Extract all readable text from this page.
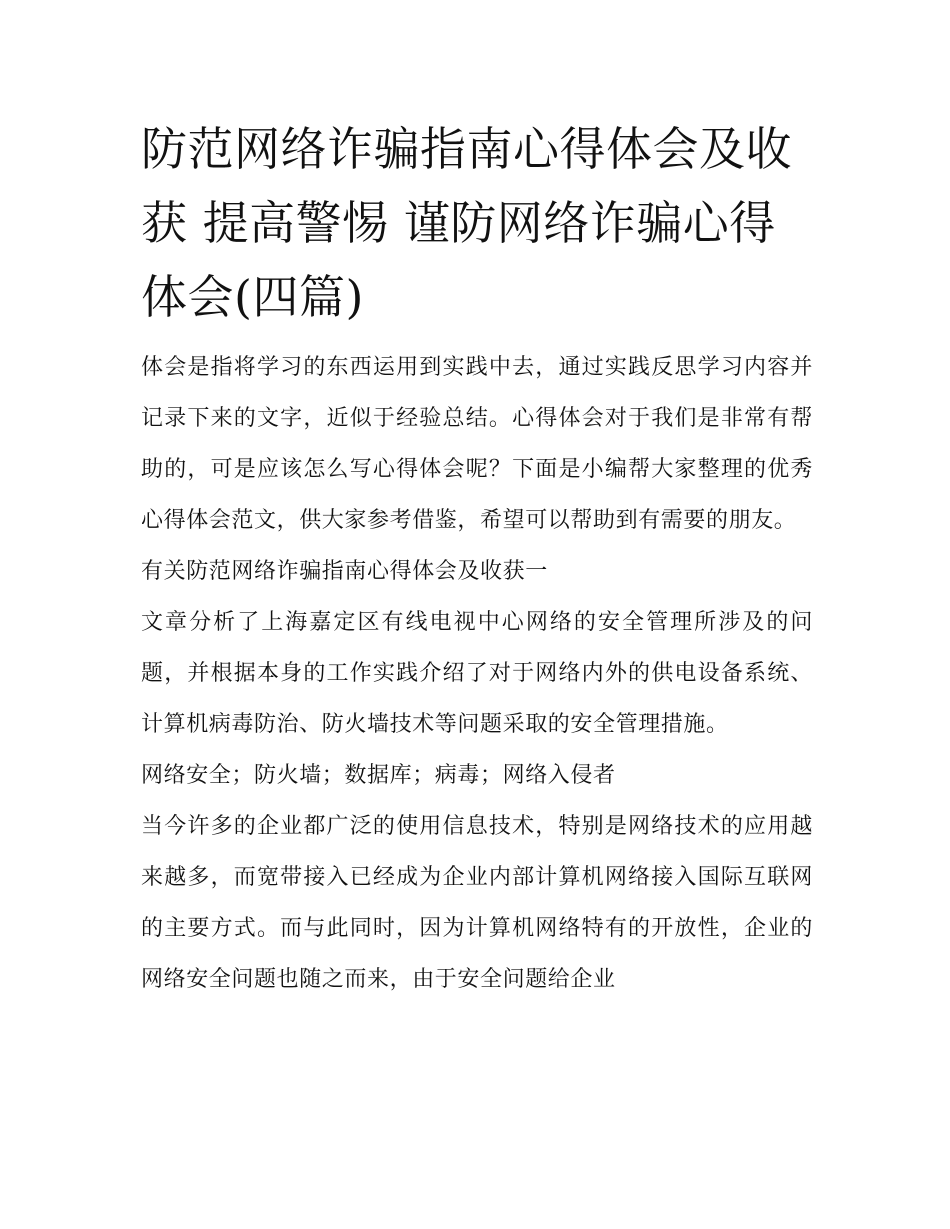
防范网络诈骗指南心得体会及收获 提高警惕 谨防网络诈骗心得体会(四篇)

体会是指将学习的东西运用到实践中去，通过实践反思学习内容并记录下来的文字，近似于经验总结。心得体会对于我们是非常有帮助的，可是应该怎么写心得体会呢？下面是小编帮大家整理的优秀心得体会范文，供大家参考借鉴，希望可以帮助到有需要的朋友。

有关防范网络诈骗指南心得体会及收获一

文章分析了上海嘉定区有线电视中心网络的安全管理所涉及的问题，并根据本身的工作实践介绍了对于网络内外的供电设备系统、计算机病毒防治、防火墙技术等问题采取的安全管理措施。

网络安全；防火墙；数据库；病毒；网络入侵者

当今许多的企业都广泛的使用信息技术，特别是网络技术的应用越来越多，而宽带接入已经成为企业内部计算机网络接入国际互联网的主要方式。而与此同时，因为计算机网络特有的开放性，企业的网络安全问题也随之而来，由于安全问题给企业
